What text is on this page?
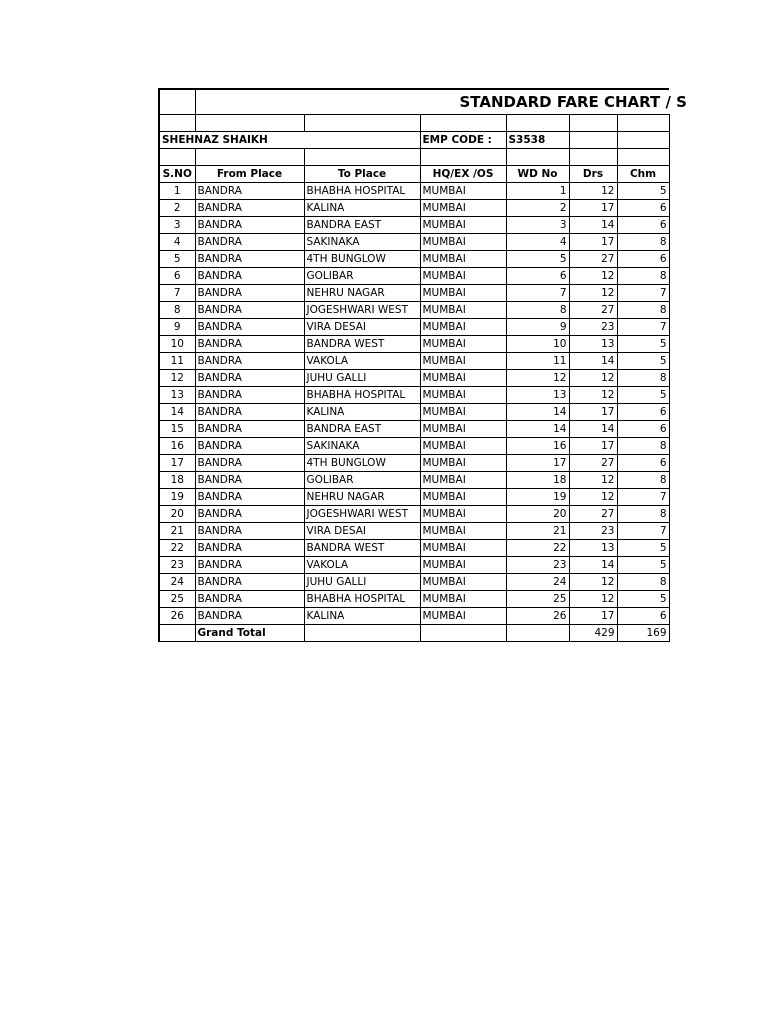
	STANDARD FARE CHART / S					

SHEHNAZ SHAIKH			EMP CODE :	S3538		

S.NO	From Place	To Place	HQ/EX /OS	WD No	Drs	Chm
1	BANDRA	BHABHA HOSPITAL	MUMBAI	1	12	5
2	BANDRA	KALINA	MUMBAI	2	17	6
3	BANDRA	BANDRA EAST	MUMBAI	3	14	6
4	BANDRA	SAKINAKA	MUMBAI	4	17	8
5	BANDRA	4TH BUNGLOW	MUMBAI	5	27	6
6	BANDRA	GOLIBAR	MUMBAI	6	12	8
7	BANDRA	NEHRU NAGAR	MUMBAI	7	12	7
8	BANDRA	JOGESHWARI WEST	MUMBAI	8	27	8
9	BANDRA	VIRA DESAI	MUMBAI	9	23	7
10	BANDRA	BANDRA WEST	MUMBAI	10	13	5
11	BANDRA	VAKOLA	MUMBAI	11	14	5
12	BANDRA	JUHU GALLI	MUMBAI	12	12	8
13	BANDRA	BHABHA HOSPITAL	MUMBAI	13	12	5
14	BANDRA	KALINA	MUMBAI	14	17	6
15	BANDRA	BANDRA EAST	MUMBAI	14	14	6
16	BANDRA	SAKINAKA	MUMBAI	16	17	8
17	BANDRA	4TH BUNGLOW	MUMBAI	17	27	6
18	BANDRA	GOLIBAR	MUMBAI	18	12	8
19	BANDRA	NEHRU NAGAR	MUMBAI	19	12	7
20	BANDRA	JOGESHWARI WEST	MUMBAI	20	27	8
21	BANDRA	VIRA DESAI	MUMBAI	21	23	7
22	BANDRA	BANDRA WEST	MUMBAI	22	13	5
23	BANDRA	VAKOLA	MUMBAI	23	14	5
24	BANDRA	JUHU GALLI	MUMBAI	24	12	8
25	BANDRA	BHABHA HOSPITAL	MUMBAI	25	12	5
26	BANDRA	KALINA	MUMBAI	26	17	6
	Grand Total				429	169
